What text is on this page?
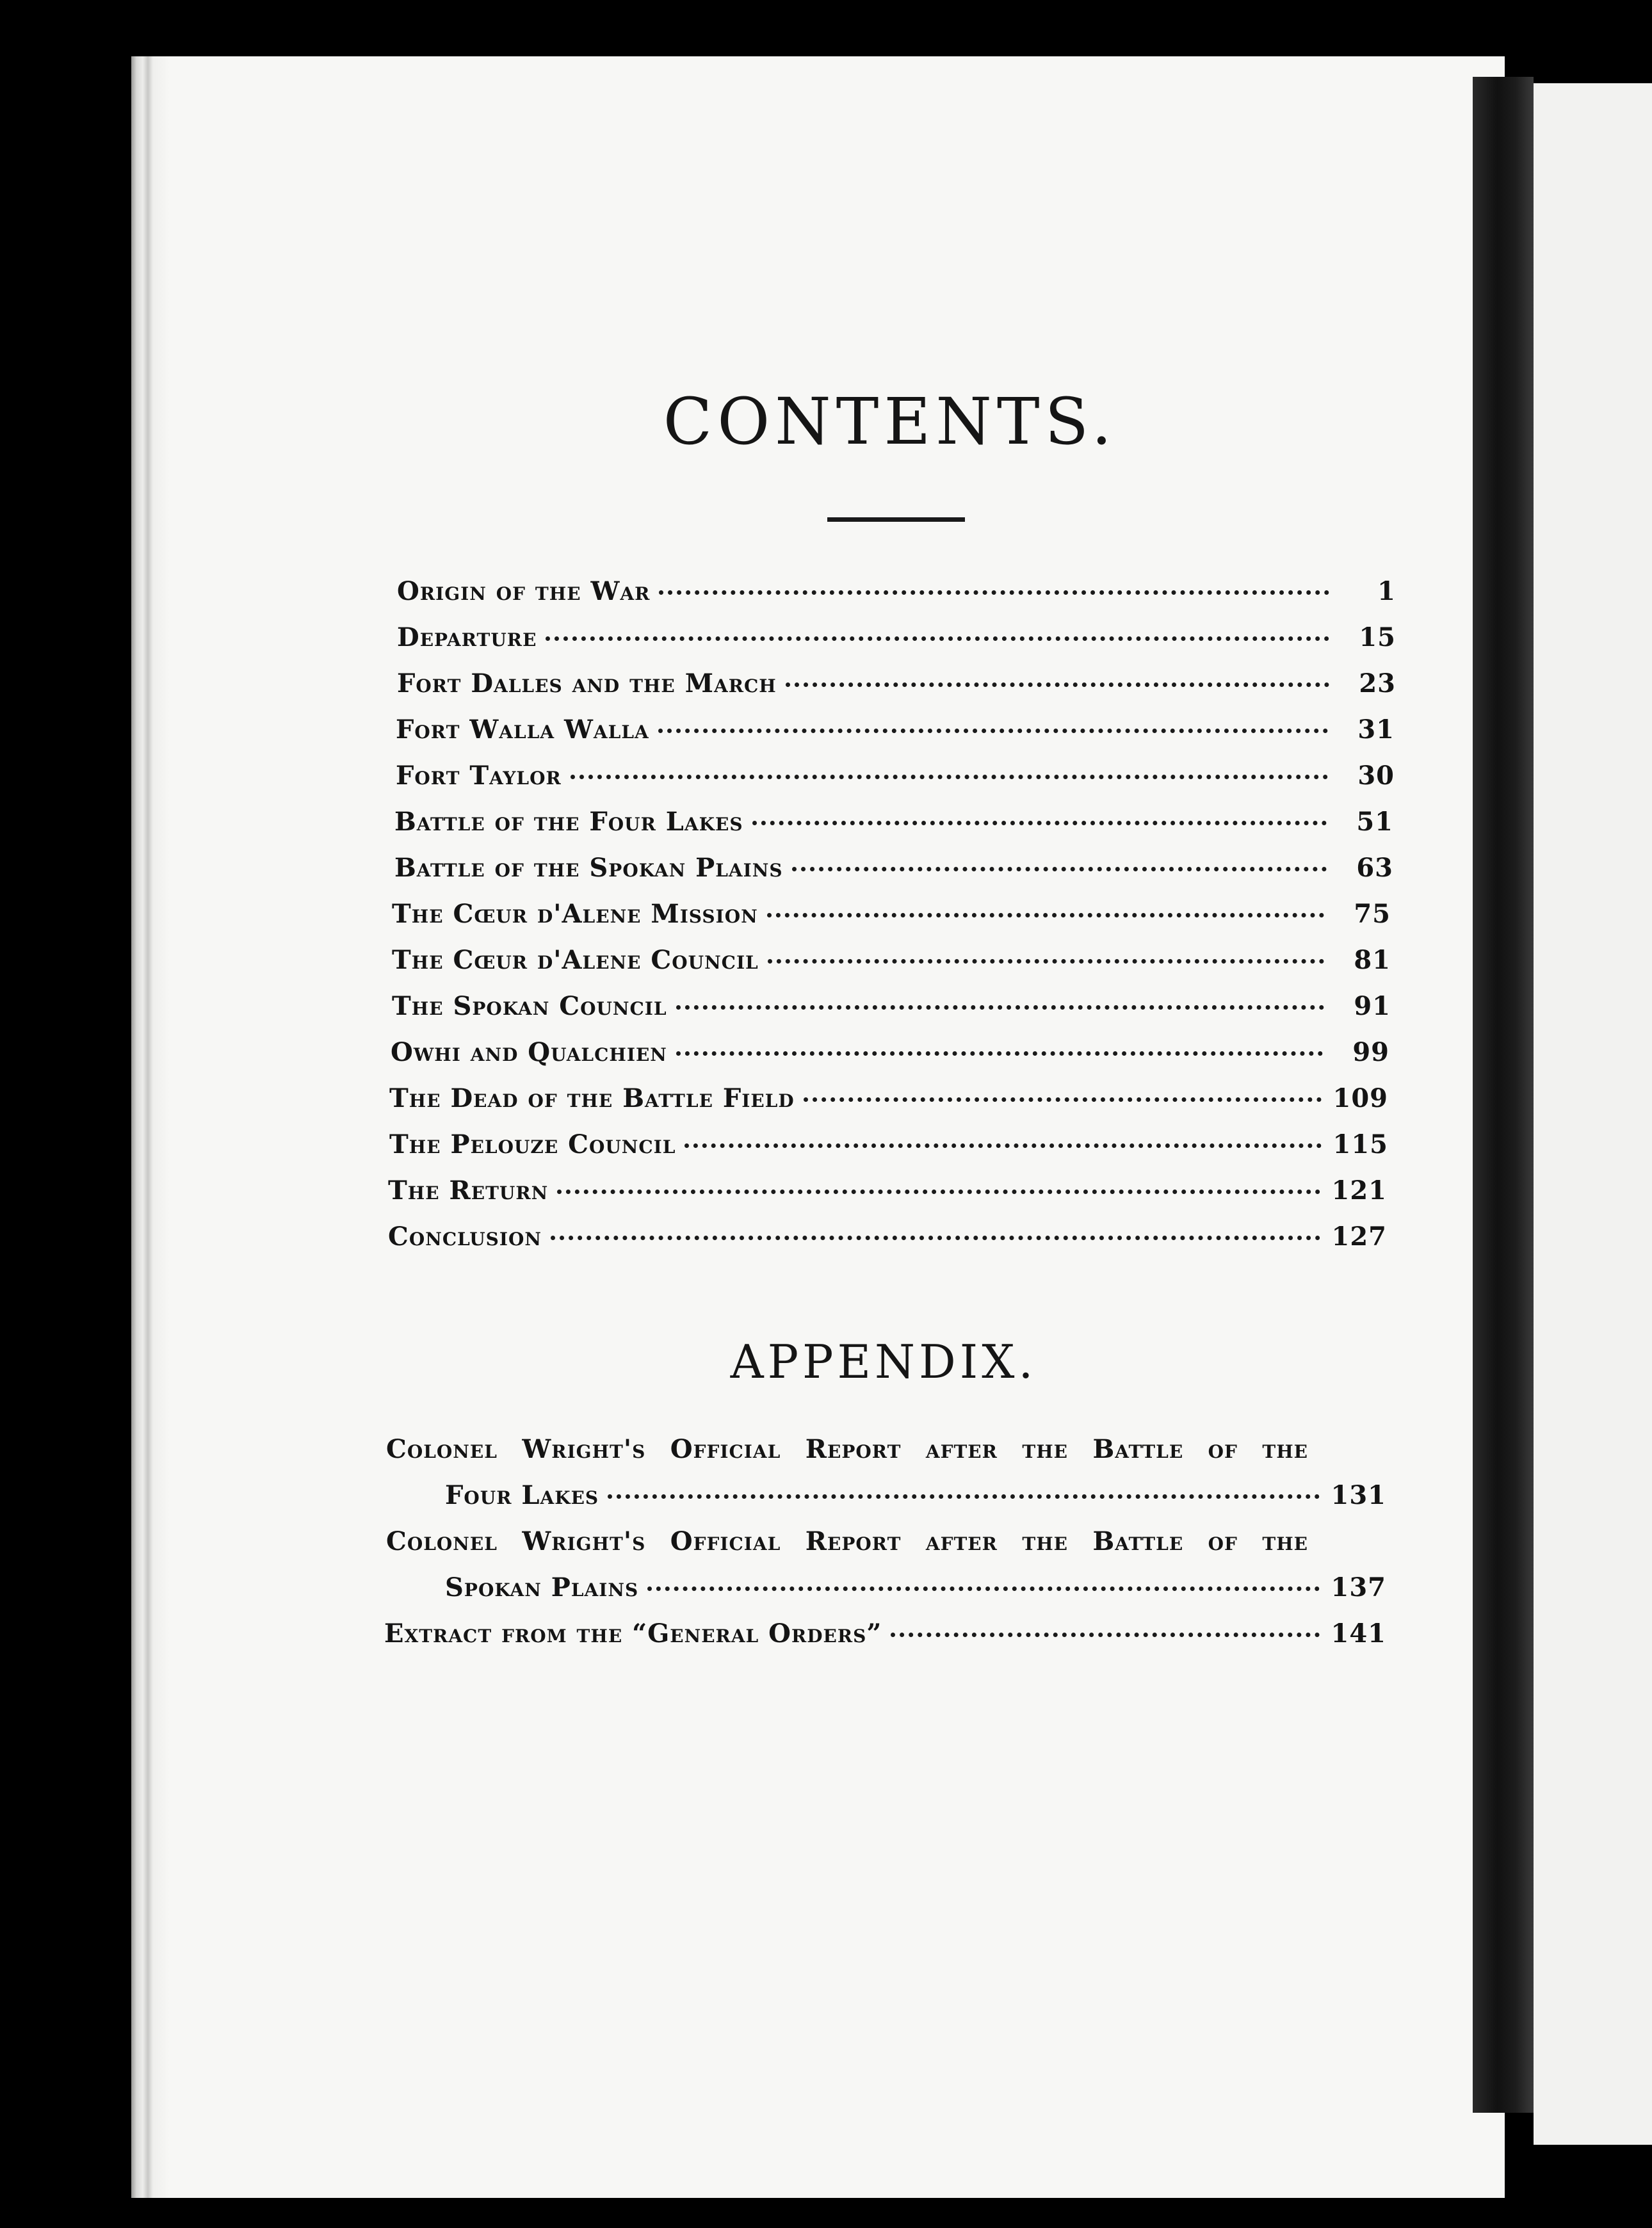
CONTENTS.
Origin of the War	1
Departure	15
Fort Dalles and the March	23
Fort Walla Walla	31
Fort Taylor	30
Battle of the Four Lakes	51
Battle of the Spokan Plains	63
The Cœur d'Alene Mission	75
The Cœur d'Alene Council	81
The Spokan Council	91
Owhi and Qualchien	99
The Dead of the Battle Field	109
The Pelouze Council	115
The Return	121
Conclusion	127
APPENDIX.
Colonel Wright's Official Report after the Battle of the
Four Lakes	131
Colonel Wright's Official Report after the Battle of the
Spokan Plains	137
Extract from the “General Orders”	141
